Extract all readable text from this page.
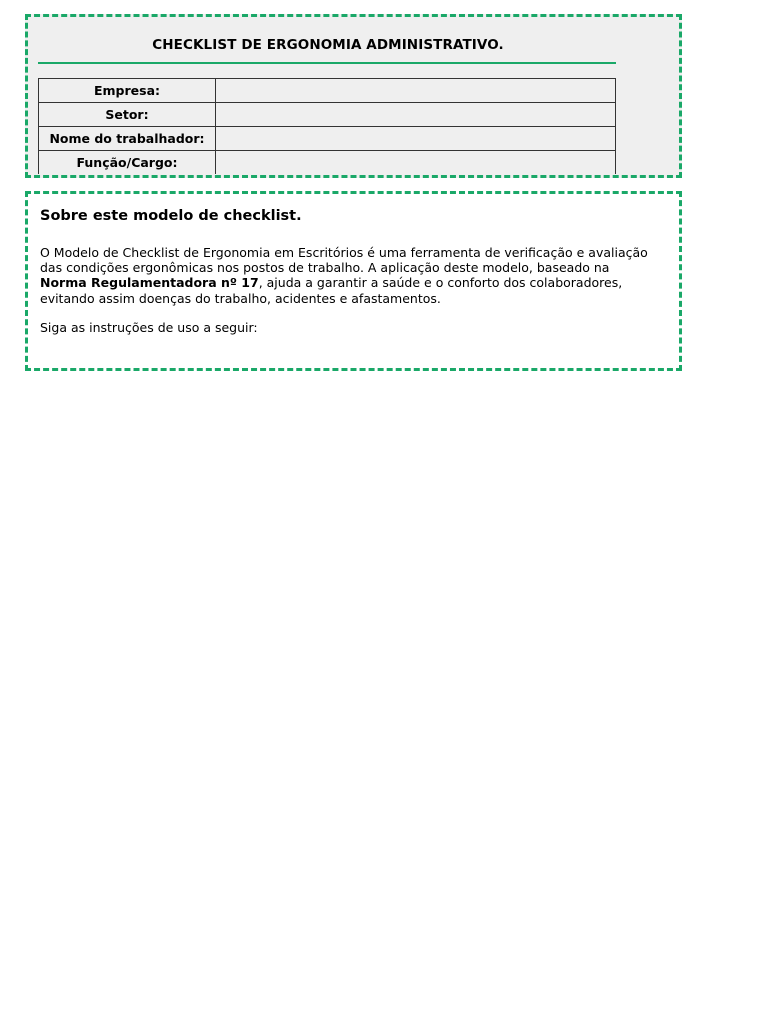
CHECKLIST DE ERGONOMIA ADMINISTRATIVO.
Empresa:	
Setor:	
Nome do trabalhador:	
Função/Cargo:	
Sobre este modelo de checklist.

O Modelo de Checklist de Ergonomia em Escritórios é uma ferramenta de verificação e avaliação das condições ergonômicas nos postos de trabalho. A aplicação deste modelo, baseado na Norma Regulamentadora nº 17, ajuda a garantir a saúde e o conforto dos colaboradores, evitando assim doenças do trabalho, acidentes e afastamentos.

Siga as instruções de uso a seguir:
